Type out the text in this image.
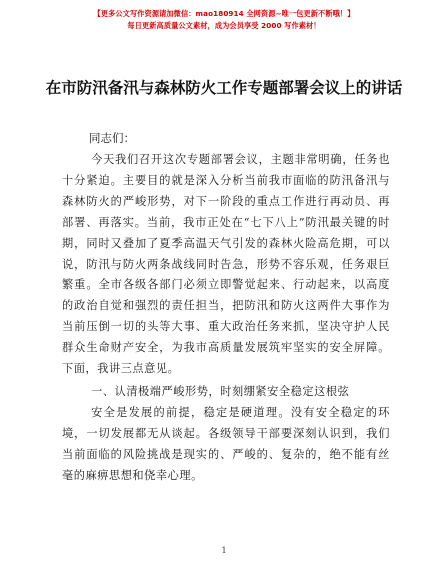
【更多公文写作资源请加微信：mao180914 全网资源~唯一包更新不断哦！】
每日更新高质量公文素材，成为会员享受 2000 写作素材！
在市防汛备汛与森林防火工作专题部署会议上的讲话
同志们：

今天我们召开这次专题部署会议，主题非常明确，任务也十分紧迫。主要目的就是深入分析当前我市面临的防汛备汛与森林防火的严峻形势，对下一阶段的重点工作进行再动员、再部署、再落实。当前，我市正处在“七下八上”防汛最关键的时期，同时又叠加了夏季高温天气引发的森林火险高危期，可以说，防汛与防火两条战线同时告急，形势不容乐观，任务艰巨繁重。全市各级各部门必须立即警觉起来、行动起来，以高度的政治自觉和强烈的责任担当，把防汛和防火这两件大事作为当前压倒一切的头等大事、重大政治任务来抓，坚决守护人民群众生命财产安全，为我市高质量发展筑牢坚实的安全屏障。下面，我讲三点意见。

一、认清极端严峻形势，时刻绷紧安全稳定这根弦

安全是发展的前提，稳定是硬道理。没有安全稳定的环境，一切发展都无从谈起。各级领导干部要深刻认识到，我们当前面临的风险挑战是现实的、严峻的、复杂的，绝不能有丝毫的麻痹思想和侥幸心理。

1
